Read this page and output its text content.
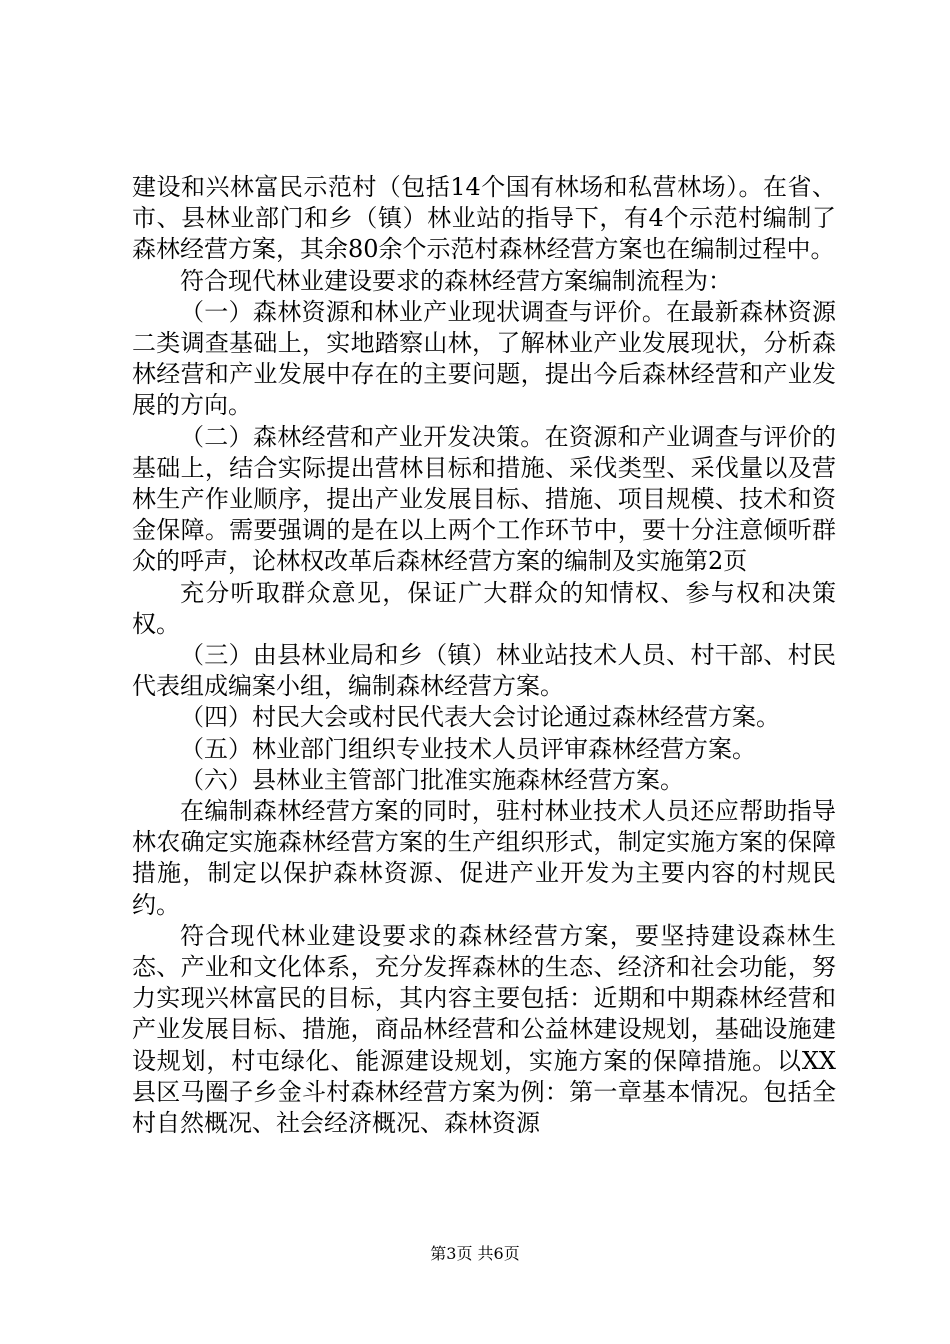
建设和兴林富民示范村（包括14个国有林场和私营林场）。在省、市、县林业部门和乡（镇）林业站的指导下，有4个示范村编制了森林经营方案，其余80余个示范村森林经营方案也在编制过程中。

符合现代林业建设要求的森林经营方案编制流程为：

（一）森林资源和林业产业现状调查与评价。在最新森林资源二类调查基础上，实地踏察山林，了解林业产业发展现状，分析森林经营和产业发展中存在的主要问题，提出今后森林经营和产业发展的方向。

（二）森林经营和产业开发决策。在资源和产业调查与评价的基础上，结合实际提出营林目标和措施、采伐类型、采伐量以及营林生产作业顺序，提出产业发展目标、措施、项目规模、技术和资金保障。需要强调的是在以上两个工作环节中，要十分注意倾听群众的呼声，论林权改革后森林经营方案的编制及实施第2页

充分听取群众意见，保证广大群众的知情权、参与权和决策权。

（三）由县林业局和乡（镇）林业站技术人员、村干部、村民代表组成编案小组，编制森林经营方案。

（四）村民大会或村民代表大会讨论通过森林经营方案。

（五）林业部门组织专业技术人员评审森林经营方案。

（六）县林业主管部门批准实施森林经营方案。

在编制森林经营方案的同时，驻村林业技术人员还应帮助指导林农确定实施森林经营方案的生产组织形式，制定实施方案的保障措施，制定以保护森林资源、促进产业开发为主要内容的村规民约。

符合现代林业建设要求的森林经营方案，要坚持建设森林生态、产业和文化体系，充分发挥森林的生态、经济和社会功能，努力实现兴林富民的目标，其内容主要包括：近期和中期森林经营和产业发展目标、措施，商品林经营和公益林建设规划，基础设施建设规划，村屯绿化、能源建设规划，实施方案的保障措施。以XX县区马圈子乡金斗村森林经营方案为例：第一章基本情况。包括全村自然概况、社会经济概况、森林资源

第3页 共6页
